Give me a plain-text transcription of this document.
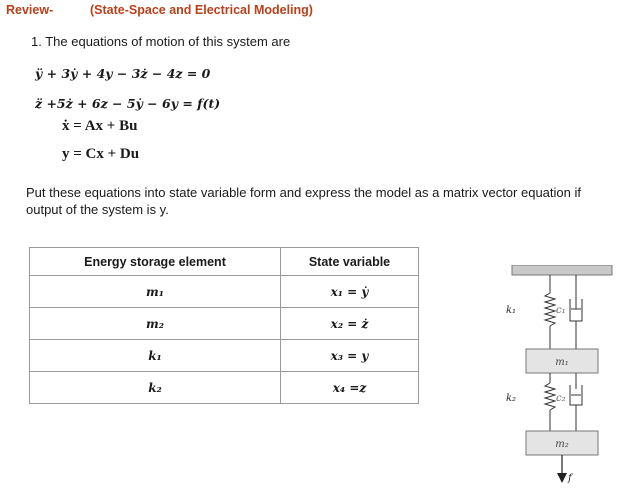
Review-	(State-Space and Electrical Modeling)
1. The equations of motion of this system are
ÿ + 3ẏ + 4y − 3ż − 4z = 0
z̈ +5ż + 6z − 5ẏ − 6y = f(t)
ẋ = Ax + Bu
y = Cx + Du
Put these equations into state variable form and express the model as a matrix vector equation if output of the system is y.
Energy storage element	State variable
m₁	x₁ = ẏ
m₂	x₂ = ż
k₁	x₃ = y
k₂	x₄ =z
k₁	c₁
m₁
k₂	c₂
m₂
f
